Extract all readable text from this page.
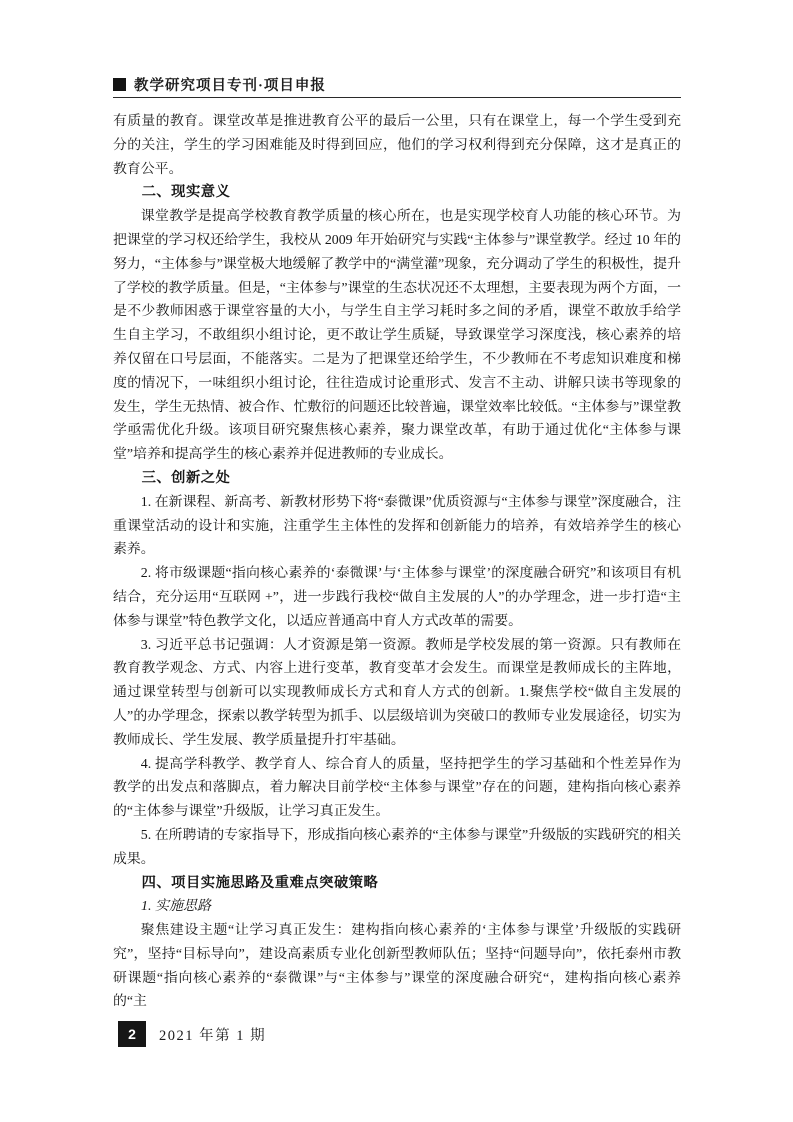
教学研究项目专刊·项目申报

有质量的教育。课堂改革是推进教育公平的最后一公里，只有在课堂上，每一个学生受到充分的关注，学生的学习困难能及时得到回应，他们的学习权利得到充分保障，这才是真正的教育公平。

二、现实意义

课堂教学是提高学校教育教学质量的核心所在，也是实现学校育人功能的核心环节。为把课堂的学习权还给学生，我校从 2009 年开始研究与实践“主体参与”课堂教学。经过 10 年的努力，“主体参与”课堂极大地缓解了教学中的“满堂灌”现象，充分调动了学生的积极性，提升了学校的教学质量。但是，“主体参与”课堂的生态状况还不太理想，主要表现为两个方面，一是不少教师困惑于课堂容量的大小，与学生自主学习耗时多之间的矛盾，课堂不敢放手给学生自主学习，不敢组织小组讨论，更不敢让学生质疑，导致课堂学习深度浅，核心素养的培养仅留在口号层面，不能落实。二是为了把课堂还给学生，不少教师在不考虑知识难度和梯度的情况下，一味组织小组讨论，往往造成讨论重形式、发言不主动、讲解只读书等现象的发生，学生无热情、被合作、忙敷衍的问题还比较普遍，课堂效率比较低。“主体参与”课堂教学亟需优化升级。该项目研究聚焦核心素养，聚力课堂改革，有助于通过优化“主体参与课堂”培养和提高学生的核心素养并促进教师的专业成长。

三、创新之处

1. 在新课程、新高考、新教材形势下将“泰微课”优质资源与“主体参与课堂”深度融合，注重课堂活动的设计和实施，注重学生主体性的发挥和创新能力的培养，有效培养学生的核心素养。

2. 将市级课题“指向核心素养的‘泰微课’与‘主体参与课堂’的深度融合研究”和该项目有机结合，充分运用“互联网 +”，进一步践行我校“做自主发展的人”的办学理念，进一步打造“主体参与课堂”特色教学文化，以适应普通高中育人方式改革的需要。

3. 习近平总书记强调：人才资源是第一资源。教师是学校发展的第一资源。只有教师在教育教学观念、方式、内容上进行变革，教育变革才会发生。而课堂是教师成长的主阵地，通过课堂转型与创新可以实现教师成长方式和育人方式的创新。1.聚焦学校“做自主发展的人”的办学理念，探索以教学转型为抓手、以层级培训为突破口的教师专业发展途径，切实为教师成长、学生发展、教学质量提升打牢基础。

4. 提高学科教学、教学育人、综合育人的质量，坚持把学生的学习基础和个性差异作为教学的出发点和落脚点，着力解决目前学校“主体参与课堂”存在的问题，建构指向核心素养的“主体参与课堂”升级版，让学习真正发生。

5. 在所聘请的专家指导下，形成指向核心素养的“主体参与课堂”升级版的实践研究的相关成果。

四、项目实施思路及重难点突破策略

1. 实施思路

聚焦建设主题“让学习真正发生：建构指向核心素养的‘主体参与课堂’升级版的实践研究”，坚持“目标导向”，建设高素质专业化创新型教师队伍；坚持“问题导向”，依托泰州市教研课题“指向核心素养的“泰微课”与“主体参与”课堂的深度融合研究“，建构指向核心素养的“主

2	2021 年第 1 期
